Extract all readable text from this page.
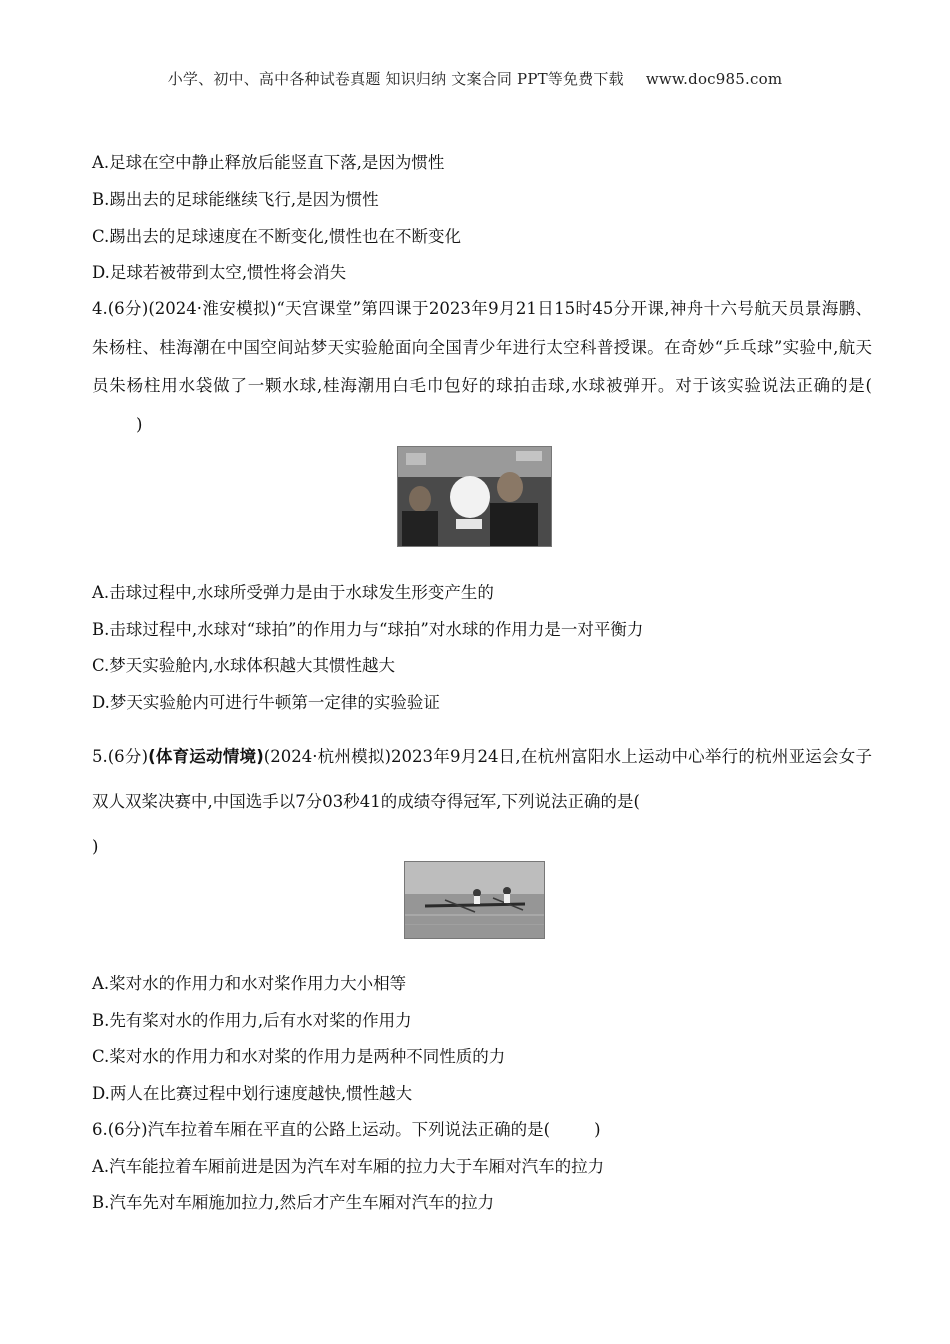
小学、初中、高中各种试卷真题 知识归纳 文案合同 PPT等免费下载 www.doc985.com
A.足球在空中静止释放后能竖直下落,是因为惯性
B.踢出去的足球能继续飞行,是因为惯性
C.踢出去的足球速度在不断变化,惯性也在不断变化
D.足球若被带到太空,惯性将会消失
4.(6分)(2024·淮安模拟)“天宫课堂”第四课于2023年9月21日15时45分开课,神舟十六号航天员景海鹏、朱杨柱、桂海潮在中国空间站梦天实验舱面向全国青少年进行太空科普授课。在奇妙“乒乓球”实验中,航天员朱杨柱用水袋做了一颗水球,桂海潮用白毛巾包好的球拍击球,水球被弹开。对于该实验说法正确的是()
A.击球过程中,水球所受弹力是由于水球发生形变产生的
B.击球过程中,水球对“球拍”的作用力与“球拍”对水球的作用力是一对平衡力
C.梦天实验舱内,水球体积越大其惯性越大
D.梦天实验舱内可进行牛顿第一定律的实验验证
5.(6分)(体育运动情境)(2024·杭州模拟)2023年9月24日,在杭州富阳水上运动中心举行的杭州亚运会女子双人双桨决赛中,中国选手以7分03秒41的成绩夺得冠军,下列说法正确的是(
)
A.桨对水的作用力和水对桨作用力大小相等
B.先有桨对水的作用力,后有水对桨的作用力
C.桨对水的作用力和水对桨的作用力是两种不同性质的力
D.两人在比赛过程中划行速度越快,惯性越大
6.(6分)汽车拉着车厢在平直的公路上运动。下列说法正确的是(	)
A.汽车能拉着车厢前进是因为汽车对车厢的拉力大于车厢对汽车的拉力
B.汽车先对车厢施加拉力,然后才产生车厢对汽车的拉力
